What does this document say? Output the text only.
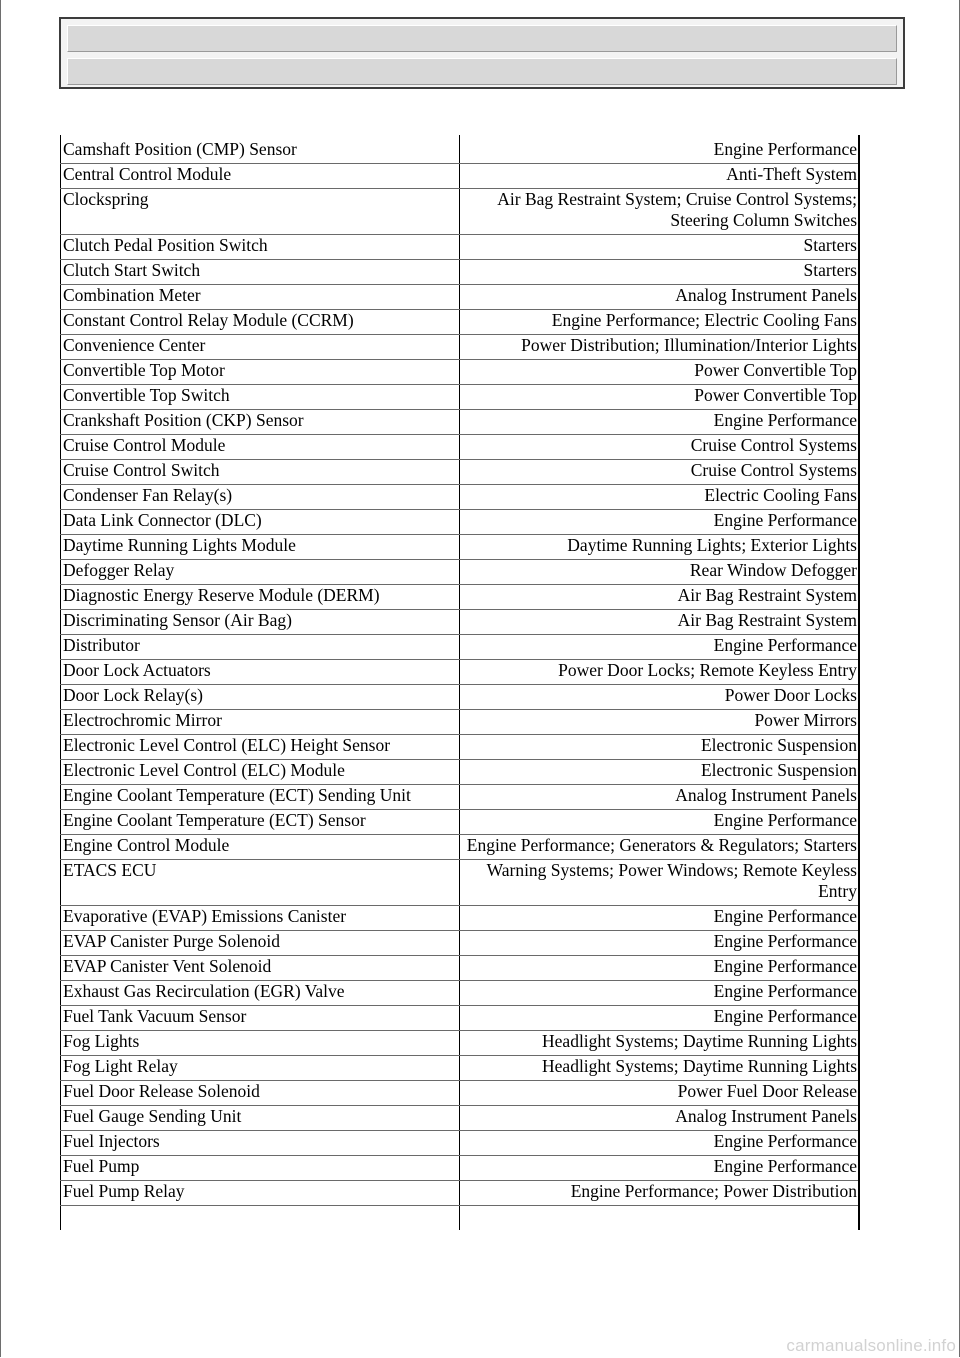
Camshaft Position (CMP) Sensor	Engine Performance
Central Control Module	Anti-Theft System
Clockspring	Air Bag Restraint System; Cruise Control Systems; Steering Column Switches
Clutch Pedal Position Switch	Starters
Clutch Start Switch	Starters
Combination Meter	Analog Instrument Panels
Constant Control Relay Module (CCRM)	Engine Performance; Electric Cooling Fans
Convenience Center	Power Distribution; Illumination/Interior Lights
Convertible Top Motor	Power Convertible Top
Convertible Top Switch	Power Convertible Top
Crankshaft Position (CKP) Sensor	Engine Performance
Cruise Control Module	Cruise Control Systems
Cruise Control Switch	Cruise Control Systems
Condenser Fan Relay(s)	Electric Cooling Fans
Data Link Connector (DLC)	Engine Performance
Daytime Running Lights Module	Daytime Running Lights; Exterior Lights
Defogger Relay	Rear Window Defogger
Diagnostic Energy Reserve Module (DERM)	Air Bag Restraint System
Discriminating Sensor (Air Bag)	Air Bag Restraint System
Distributor	Engine Performance
Door Lock Actuators	Power Door Locks; Remote Keyless Entry
Door Lock Relay(s)	Power Door Locks
Electrochromic Mirror	Power Mirrors
Electronic Level Control (ELC) Height Sensor	Electronic Suspension
Electronic Level Control (ELC) Module	Electronic Suspension
Engine Coolant Temperature (ECT) Sending Unit	Analog Instrument Panels
Engine Coolant Temperature (ECT) Sensor	Engine Performance
Engine Control Module	Engine Performance; Generators & Regulators; Starters
ETACS ECU	Warning Systems; Power Windows; Remote Keyless Entry
Evaporative (EVAP) Emissions Canister	Engine Performance
EVAP Canister Purge Solenoid	Engine Performance
EVAP Canister Vent Solenoid	Engine Performance
Exhaust Gas Recirculation (EGR) Valve	Engine Performance
Fuel Tank Vacuum Sensor	Engine Performance
Fog Lights	Headlight Systems; Daytime Running Lights
Fog Light Relay	Headlight Systems; Daytime Running Lights
Fuel Door Release Solenoid	Power Fuel Door Release
Fuel Gauge Sending Unit	Analog Instrument Panels
Fuel Injectors	Engine Performance
Fuel Pump	Engine Performance
Fuel Pump Relay	Engine Performance; Power Distribution

carmanualsonline.info
